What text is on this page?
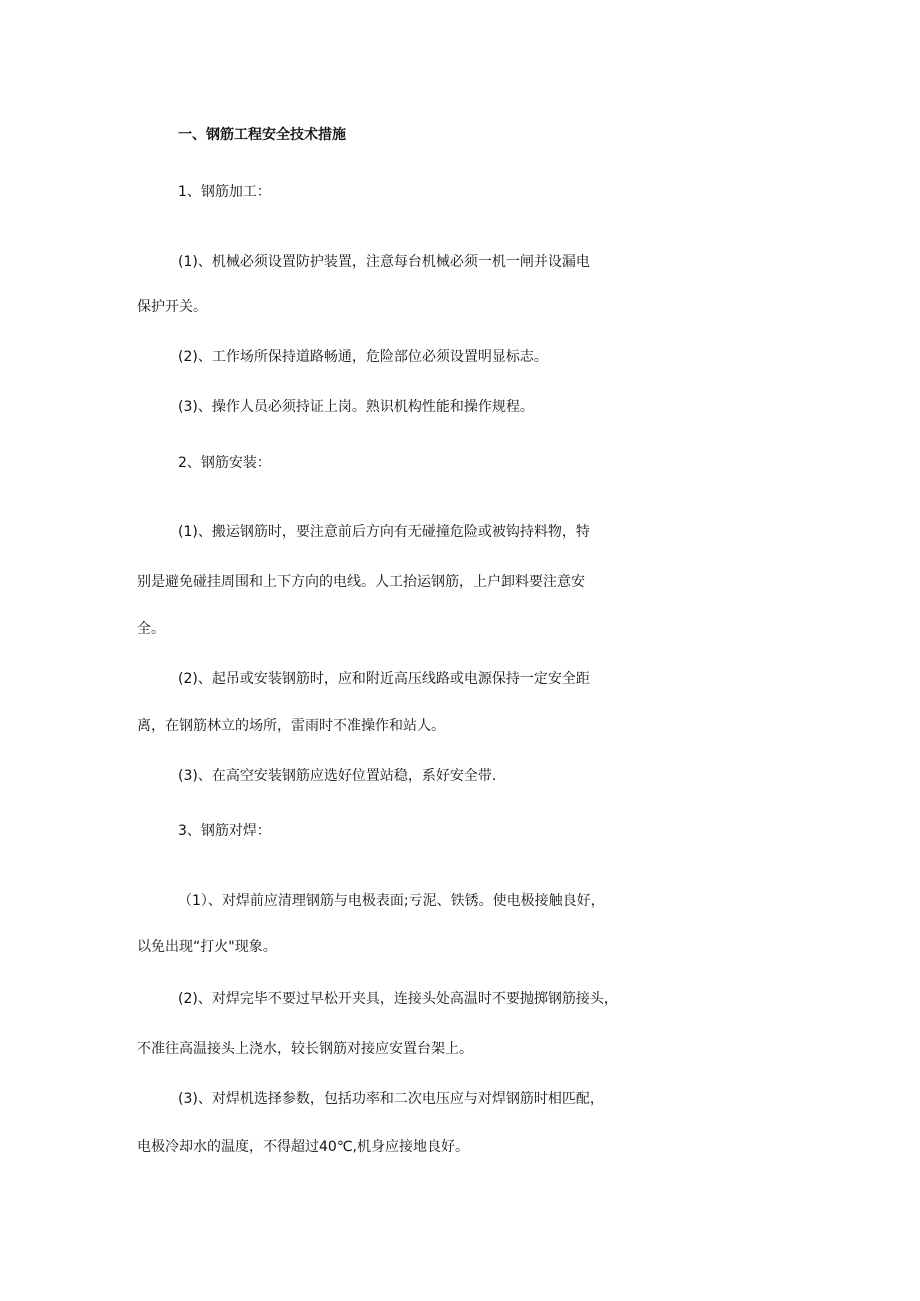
一、钢筋工程安全技术措施
1、钢筋加工：
(1)、机械必须设置防护装置，注意每台机械必须一机一闸并设漏电
保护开关。
(2)、工作场所保持道路畅通，危险部位必须设置明显标志。
(3)、操作人员必须持证上岗。熟识机构性能和操作规程。
2、钢筋安装：
(1)、搬运钢筋时，要注意前后方向有无碰撞危险或被钩持料物，特
别是避免碰挂周围和上下方向的电线。人工抬运钢筋，上户卸料要注意安
全。
(2)、起吊或安装钢筋时，应和附近高压线路或电源保持一定安全距
离，在钢筋林立的场所，雷雨时不准操作和站人。
(3)、在高空安装钢筋应选好位置站稳，系好安全带.
3、钢筋对焊：
（1）、对焊前应清理钢筋与电极表面;亏泥、铁锈。使电极接触良好，
以免出现“打火"现象。
(2)、对焊完毕不要过早松开夹具，连接头处高温时不要抛掷钢筋接头，
不准往高温接头上浇水，较长钢筋对接应安置台架上。
(3)、对焊机选择参数，包括功率和二次电压应与对焊钢筋时相匹配，
电极冷却水的温度，不得超过40℃,机身应接地良好。
